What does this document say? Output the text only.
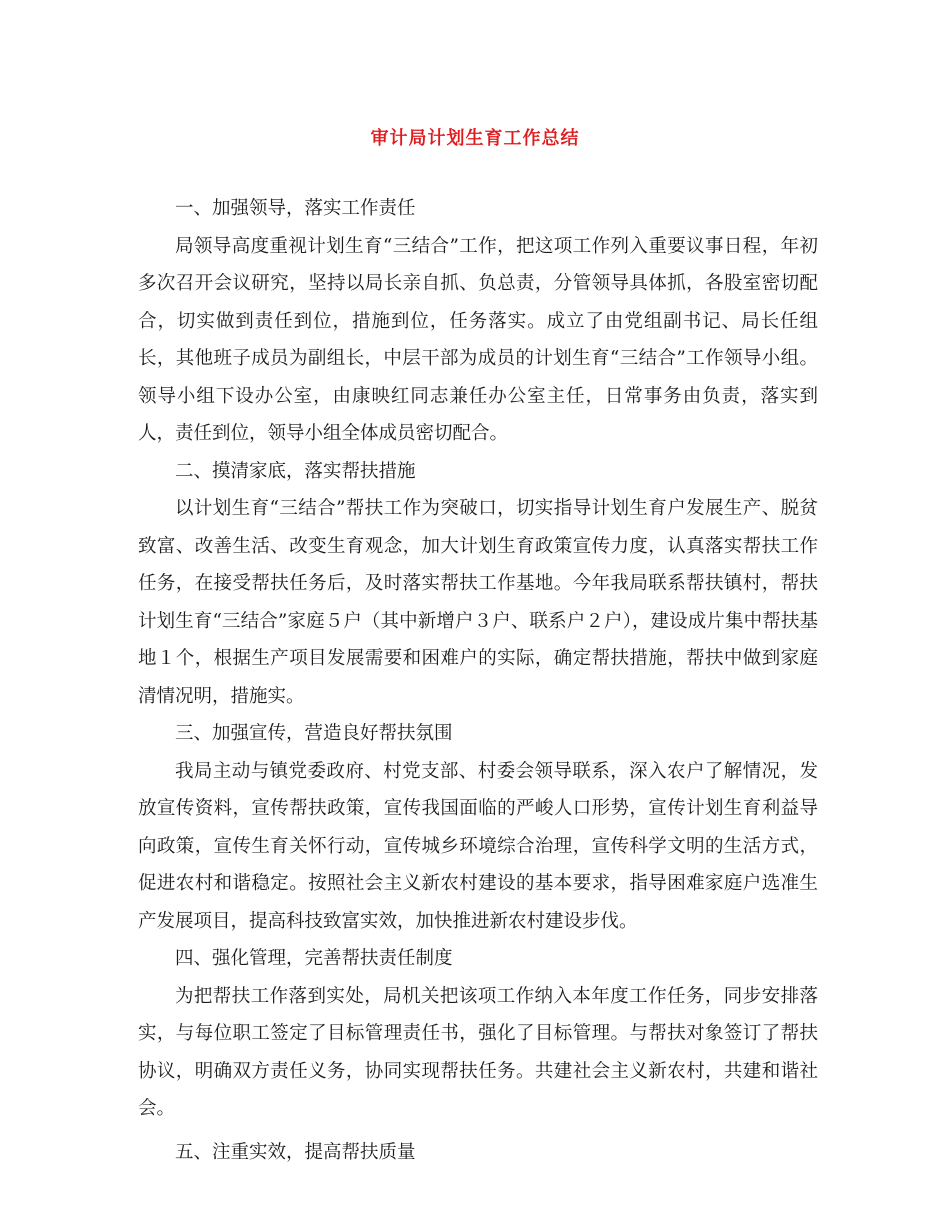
审计局计划生育工作总结

一、加强领导，落实工作责任

局领导高度重视计划生育“三结合”工作，把这项工作列入重要议事日程，年初多次召开会议研究，坚持以局长亲自抓、负总责，分管领导具体抓，各股室密切配合，切实做到责任到位，措施到位，任务落实。成立了由党组副书记、局长任组长，其他班子成员为副组长，中层干部为成员的计划生育“三结合”工作领导小组。领导小组下设办公室，由康映红同志兼任办公室主任，日常事务由负责，落实到人，责任到位，领导小组全体成员密切配合。

二、摸清家底，落实帮扶措施

以计划生育“三结合”帮扶工作为突破口，切实指导计划生育户发展生产、脱贫致富、改善生活、改变生育观念，加大计划生育政策宣传力度，认真落实帮扶工作任务，在接受帮扶任务后，及时落实帮扶工作基地。今年我局联系帮扶镇村，帮扶计划生育“三结合”家庭５户（其中新增户３户、联系户２户），建设成片集中帮扶基地１个，根据生产项目发展需要和困难户的实际，确定帮扶措施，帮扶中做到家庭清情况明，措施实。

三、加强宣传，营造良好帮扶氛围

我局主动与镇党委政府、村党支部、村委会领导联系，深入农户了解情况，发放宣传资料，宣传帮扶政策，宣传我国面临的严峻人口形势，宣传计划生育利益导向政策，宣传生育关怀行动，宣传城乡环境综合治理，宣传科学文明的生活方式，促进农村和谐稳定。按照社会主义新农村建设的基本要求，指导困难家庭户选准生产发展项目，提高科技致富实效，加快推进新农村建设步伐。

四、强化管理，完善帮扶责任制度

为把帮扶工作落到实处，局机关把该项工作纳入本年度工作任务，同步安排落实，与每位职工签定了目标管理责任书，强化了目标管理。与帮扶对象签订了帮扶协议，明确双方责任义务，协同实现帮扶任务。共建社会主义新农村，共建和谐社会。

五、注重实效，提高帮扶质量
